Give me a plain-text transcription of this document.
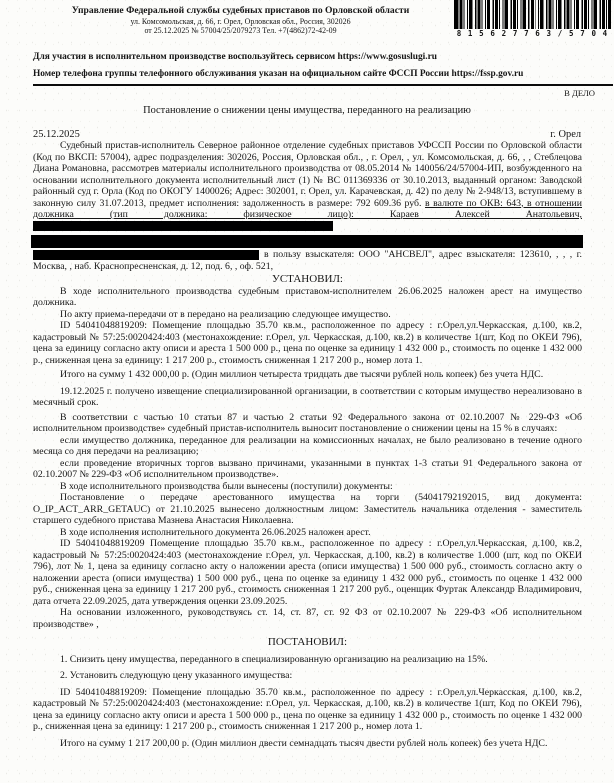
Управление Федеральной службы судебных приставов по Орловской области
ул. Комсомольская, д. 66, г. Орел, Орловская обл., Россия, 302026
от 25.12.2025 № 57004/25/2079273 Тел. +7(4862)72-42-09	8 1 5 6 2 7 7 6 3 / 5 7 0 4
Для участия в исполнительном производстве воспользуйтесь сервисом https://www.gosuslugi.ru
Номер телефона группы телефонного обслуживания указан на официальном сайте ФССП России https://fssp.gov.ru
В ДЕЛО
Постановление о снижении цены имущества, переданного на реализацию
25.12.2025	г. Орел

Судебный пристав-исполнитель Северное районное отделение судебных приставов УФССП России по Орловской области (Код по ВКСП: 57004), адрес подразделения: 302026, Россия, Орловская обл., , г. Орел, , ул. Комсомольская, д. 66, , , Стеблецова Диана Романовна, рассмотрев материалы исполнительного производства от 08.05.2014 № 140056/24/57004-ИП, возбужденного на основании исполнительного документа исполнительный лист (1) № ВС 011369336 от 30.10.2013, выданный органом: Заводской районный суд г. Орла (Код по ОКОГУ 1400026; Адрес: 302001, г. Орел, ул. Карачевская, д. 42) по делу № 2-948/13, вступившему в законную силу 31.07.2013, предмет исполнения: задолженность в размере: 792 609.36 руб. в валюте по ОКВ: 643, в отношении должника (тип должника: физическое лицо): Караев Алексей Анатольевич,
в пользу взыскателя: ООО "АНСВЕЛ", адрес взыскателя: 123610, , , , г. Москва, , наб. Краснопресненская, д. 12, под. 6, , оф. 521,

УСТАНОВИЛ:

В ходе исполнительного производства судебным приставом-исполнителем 26.06.2025 наложен арест на имущество должника.

По акту приема-передачи от в передано на реализацию следующее имущество.

ID 54041048819209: Помещение площадью 35.70 кв.м., расположенное по адресу : г.Орел,ул.Черкасская, д.100, кв.2, кадастровый № 57:25:0020424:403 (местонахождение: г.Орел, ул. Черкасская, д.100, кв.2) в количестве 1(шт, Код по ОКЕИ 796), цена за единицу согласно акту описи и ареста 1 500 000 р., цена по оценке за единицу 1 432 000 р., стоимость по оценке 1 432 000 р., сниженная цена за единицу: 1 217 200 р., стоимость сниженная 1 217 200 р., номер лота 1.

Итого на сумму 1 432 000,00 р. (Один миллион четыреста тридцать две тысячи рублей ноль копеек) без учета НДС.

19.12.2025 г. получено извещение специализированной организации, в соответствии с которым имущество нереализовано в месячный срок.

В соответствии с частью 10 статьи 87 и частью 2 статьи 92 Федерального закона от 02.10.2007 № 229-ФЗ «Об исполнительном производстве» судебный пристав-исполнитель выносит постановление о снижении цены на 15 % в случаях:

если имущество должника, переданное для реализации на комиссионных началах, не было реализовано в течение одного месяца со дня передачи на реализацию;

если проведение вторичных торгов вызвано причинами, указанными в пунктах 1-3 статьи 91 Федерального закона от 02.10.2007 № 229-ФЗ «Об исполнительном производстве».

В ходе исполнительного производства были вынесены (поступили) документы:

Постановление о передаче арестованного имущества на торги (54041792192015, вид документа: O_IP_ACT_ARR_GETAUC) от 21.10.2025 вынесено должностным лицом: Заместитель начальника отделения - заместитель старшего судебного пристава Мазнева Анастасия Николаевна.

В ходе исполнения исполнительного документа 26.06.2025 наложен арест.

ID 54041048819209 Помещение площадью 35.70 кв.м., расположенное по адресу : г.Орел,ул.Черкасская, д.100, кв.2, кадастровый № 57:25:0020424:403 (местонахождение г.Орел, ул. Черкасская, д.100, кв.2) в количестве 1.000 (шт, код по ОКЕИ 796), лот № 1, цена за единицу согласно акту о наложении ареста (описи имущества) 1 500 000 руб., стоимость согласно акту о наложении ареста (описи имущества) 1 500 000 руб., цена по оценке за единицу 1 432 000 руб., стоимость по оценке 1 432 000 руб., сниженная цена за единицу 1 217 200 руб., стоимость сниженная 1 217 200 руб., оценщик Фуртак Александр Владимирович, дата отчета 22.09.2025, дата утверждения оценки 23.09.2025.

На основании изложенного, руководствуясь ст. 14, ст. 87, ст. 92 ФЗ от 02.10.2007 № 229-ФЗ «Об исполнительном производстве» ,

ПОСТАНОВИЛ:

1. Снизить цену имущества, переданного в специализированную организацию на реализацию на 15%.

2. Установить следующую цену указанного имущества:

ID 54041048819209: Помещение площадью 35.70 кв.м., расположенное по адресу : г.Орел,ул.Черкасская, д.100, кв.2, кадастровый № 57:25:0020424:403 (местонахождение: г.Орел, ул. Черкасская, д.100, кв.2) в количестве 1(шт, Код по ОКЕИ 796), цена за единицу согласно акту описи и ареста 1 500 000 р., цена по оценке за единицу 1 432 000 р., стоимость по оценке 1 432 000 р., сниженная цена за единицу: 1 217 200 р., стоимость сниженная 1 217 200 р., номер лота 1.

Итого на сумму 1 217 200,00 р. (Один миллион двести семнадцать тысяч двести рублей ноль копеек) без учета НДС.
